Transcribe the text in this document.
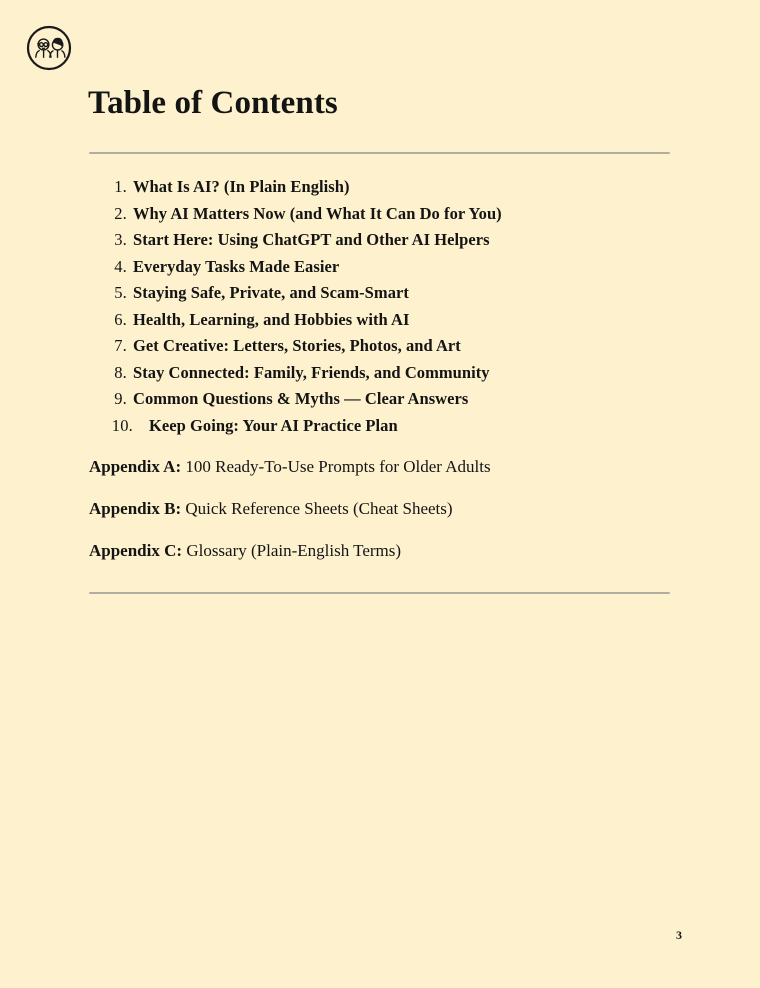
Table of Contents
1. What Is AI? (In Plain English)
2. Why AI Matters Now (and What It Can Do for You)
3. Start Here: Using ChatGPT and Other AI Helpers
4. Everyday Tasks Made Easier
5. Staying Safe, Private, and Scam‑Smart
6. Health, Learning, and Hobbies with AI
7. Get Creative: Letters, Stories, Photos, and Art
8. Stay Connected: Family, Friends, and Community
9. Common Questions & Myths — Clear Answers
10. Keep Going: Your AI Practice Plan
Appendix A: 100 Ready‑To‑Use Prompts for Older Adults
Appendix B: Quick Reference Sheets (Cheat Sheets)
Appendix C: Glossary (Plain‑English Terms)
3
